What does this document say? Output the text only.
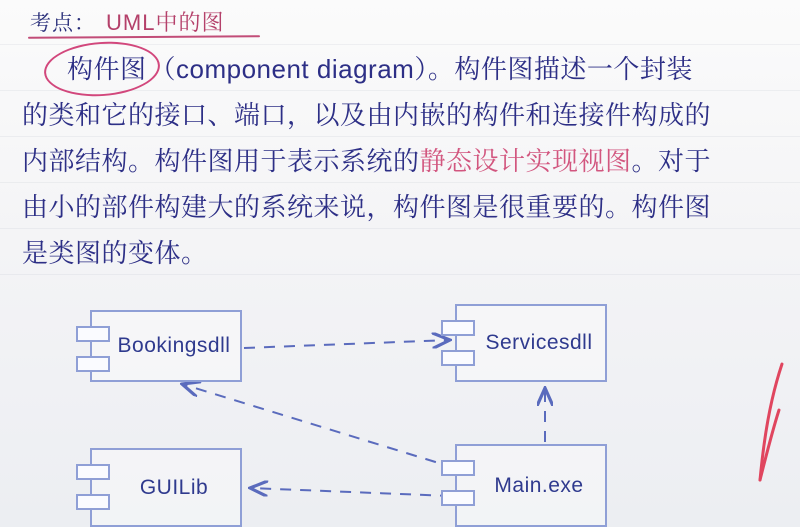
考点： UML中的图
构件图 （component diagram）。构件图描述一个封装
的类和它的接口、端口，以及由内嵌的构件和连接件构成的
内部结构。构件图用于表示系统的静态设计实现视图。对于
由小的部件构建大的系统来说，构件图是很重要的。构件图
是类图的变体。
Bookingsdll	Servicesdll
GUILib	Main.exe
